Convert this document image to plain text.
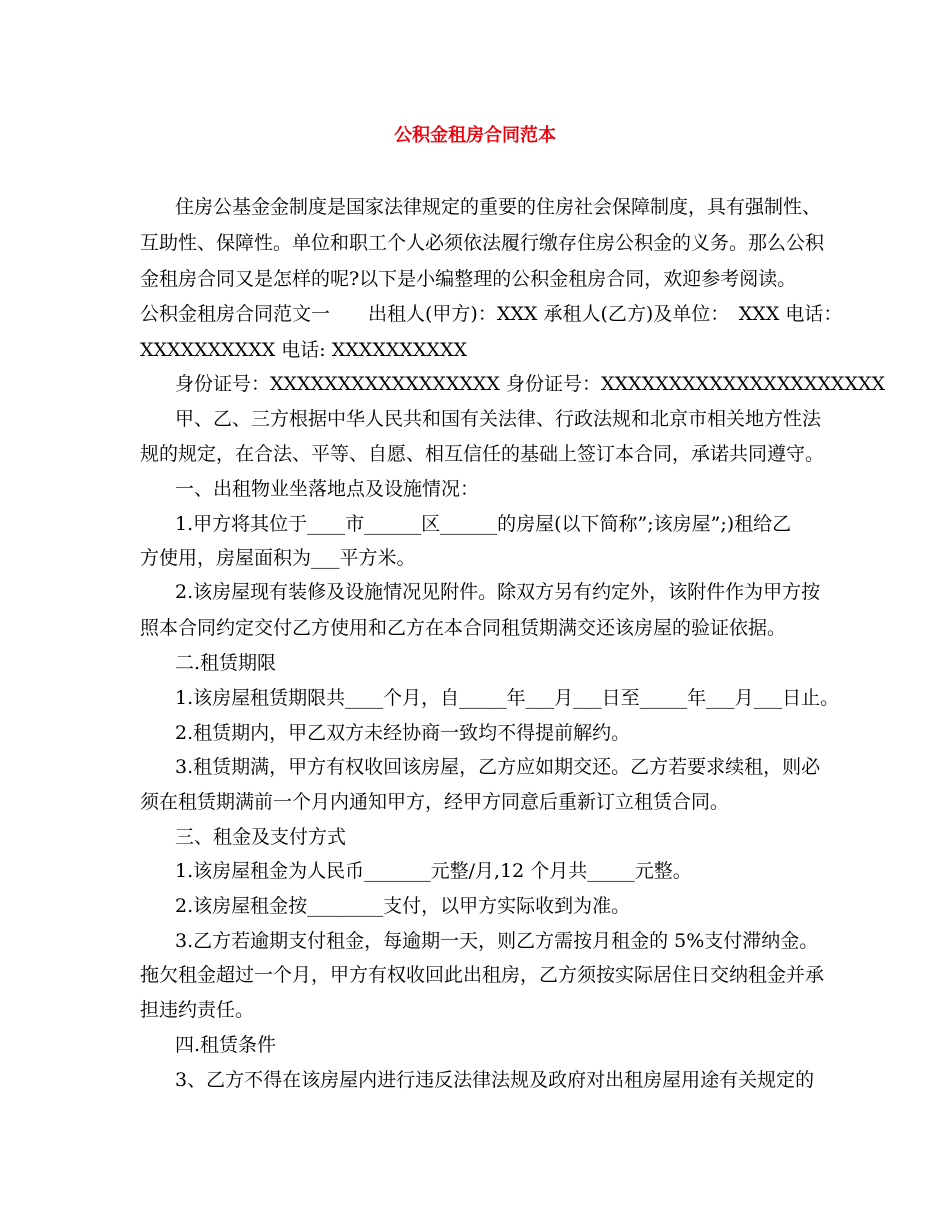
公积金租房合同范本
住房公基金金制度是国家法律规定的重要的住房社会保障制度，具有强制性、
互助性、保障性。单位和职工个人必须依法履行缴存住房公积金的义务。那么公积
金租房合同又是怎样的呢?以下是小编整理的公积金租房合同，欢迎参考阅读。
公积金租房合同范文一　　出租人(甲方)：XXX 承租人(乙方)及单位：　XXX 电话：
XXXXXXXXXX 电话: XXXXXXXXXX
身份证号：XXXXXXXXXXXXXXXXX 身份证号：XXXXXXXXXXXXXXXXXXXXX
甲、乙、三方根据中华人民共和国有关法律、行政法规和北京市相关地方性法
规的规定，在合法、平等、自愿、相互信任的基础上签订本合同，承诺共同遵守。
一、出租物业坐落地点及设施情况：
1.甲方将其位于____市______区______的房屋(以下简称”;该房屋”;)租给乙
方使用，房屋面积为___平方米。
2.该房屋现有装修及设施情况见附件。除双方另有约定外，该附件作为甲方按
照本合同约定交付乙方使用和乙方在本合同租赁期满交还该房屋的验证依据。
二.租赁期限
1.该房屋租赁期限共____个月，自_____年___月___日至_____年___月___日止。
2.租赁期内，甲乙双方未经协商一致均不得提前解约。
3.租赁期满，甲方有权收回该房屋，乙方应如期交还。乙方若要求续租，则必
须在租赁期满前一个月内通知甲方，经甲方同意后重新订立租赁合同。
三、租金及支付方式
1.该房屋租金为人民币_______元整/月,12 个月共_____元整。
2.该房屋租金按________支付，以甲方实际收到为准。
3.乙方若逾期支付租金，每逾期一天，则乙方需按月租金的 5%支付滞纳金。
拖欠租金超过一个月，甲方有权收回此出租房，乙方须按实际居住日交纳租金并承
担违约责任。
四.租赁条件
3、乙方不得在该房屋内进行违反法律法规及政府对出租房屋用途有关规定的
